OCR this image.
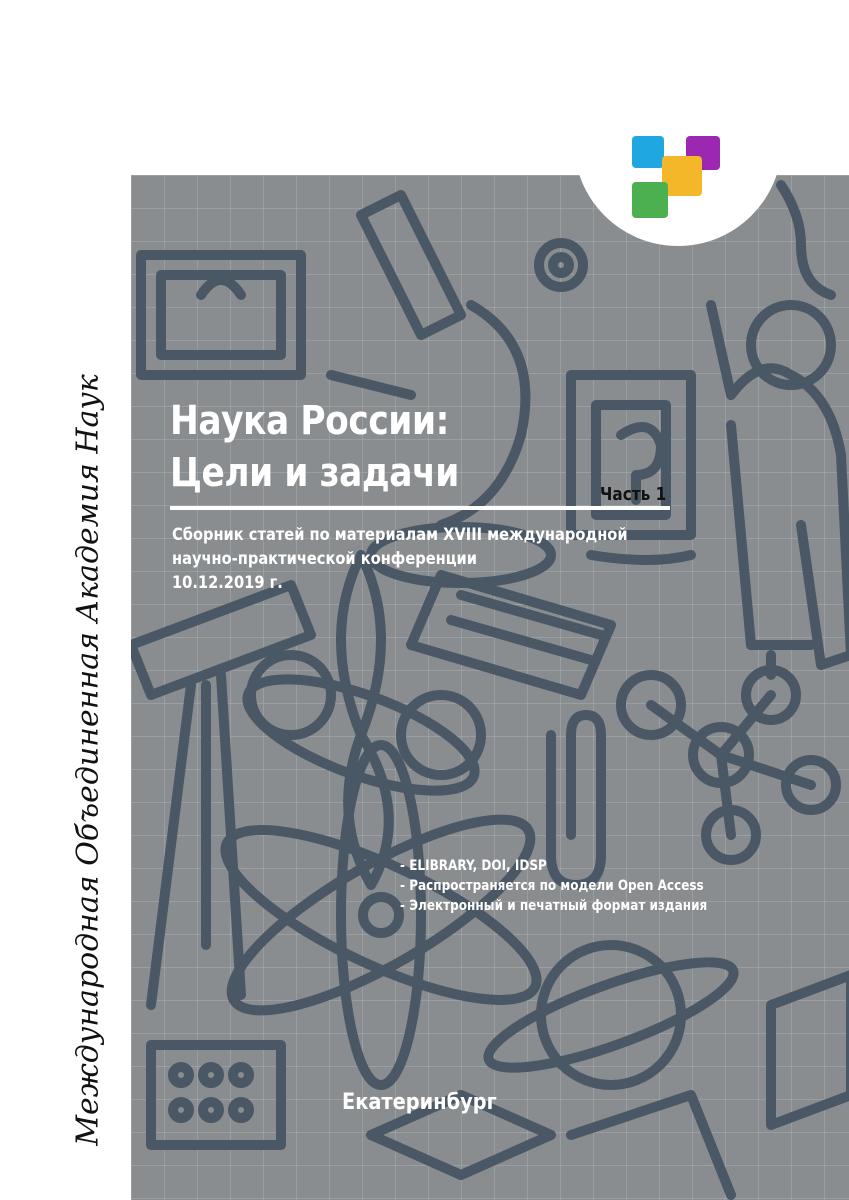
IMG
Международная Объединенная Академия Наук Наука России:
Цели и задачи	Часть 1
Сборник статей по материалам XVIII международной
научно-практической конференции
10.12.2019 г.
- ELIBRARY, DOI, IDSP
- Распространяется по модели Open Access
- Электронный и печатный формат издания
Екатеринбург
